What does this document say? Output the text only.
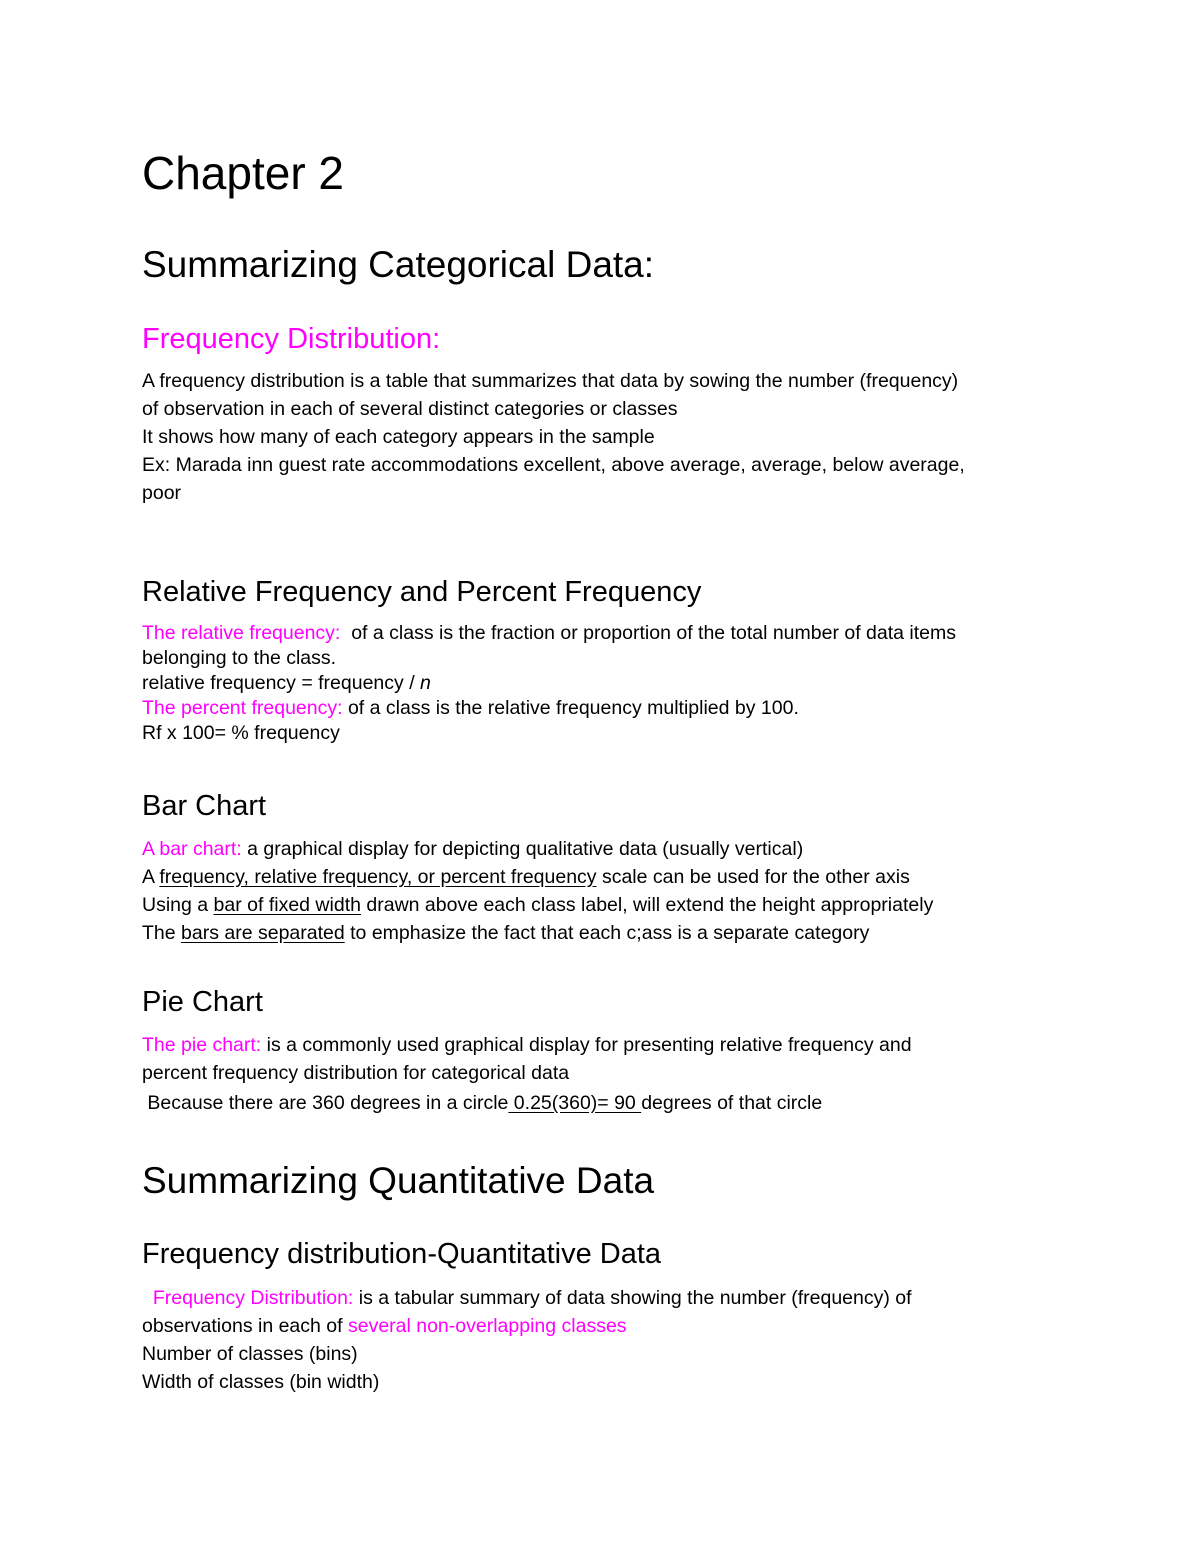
Chapter 2
Summarizing Categorical Data:
Frequency Distribution:
A frequency distribution is a table that summarizes that data by sowing the number (frequency)
of observation in each of several distinct categories or classes
It shows how many of each category appears in the sample
Ex: Marada inn guest rate accommodations excellent, above average, average, below average,
poor
Relative Frequency and Percent Frequency
The relative frequency:  of a class is the fraction or proportion of the total number of data items
belonging to the class.
relative frequency = frequency / n
The percent frequency: of a class is the relative frequency multiplied by 100.
Rf x 100= % frequency
Bar Chart
A bar chart: a graphical display for depicting qualitative data (usually vertical)
A frequency, relative frequency, or percent frequency scale can be used for the other axis
Using a bar of fixed width drawn above each class label, will extend the height appropriately
The bars are separated to emphasize the fact that each c;ass is a separate category
Pie Chart
The pie chart: is a commonly used graphical display for presenting relative frequency and
percent frequency distribution for categorical data
Because there are 360 degrees in a circle 0.25(360)= 90 degrees of that circle
Summarizing Quantitative Data
Frequency distribution-Quantitative Data
Frequency Distribution: is a tabular summary of data showing the number (frequency) of
observations in each of several non-overlapping classes
Number of classes (bins)
Width of classes (bin width)
